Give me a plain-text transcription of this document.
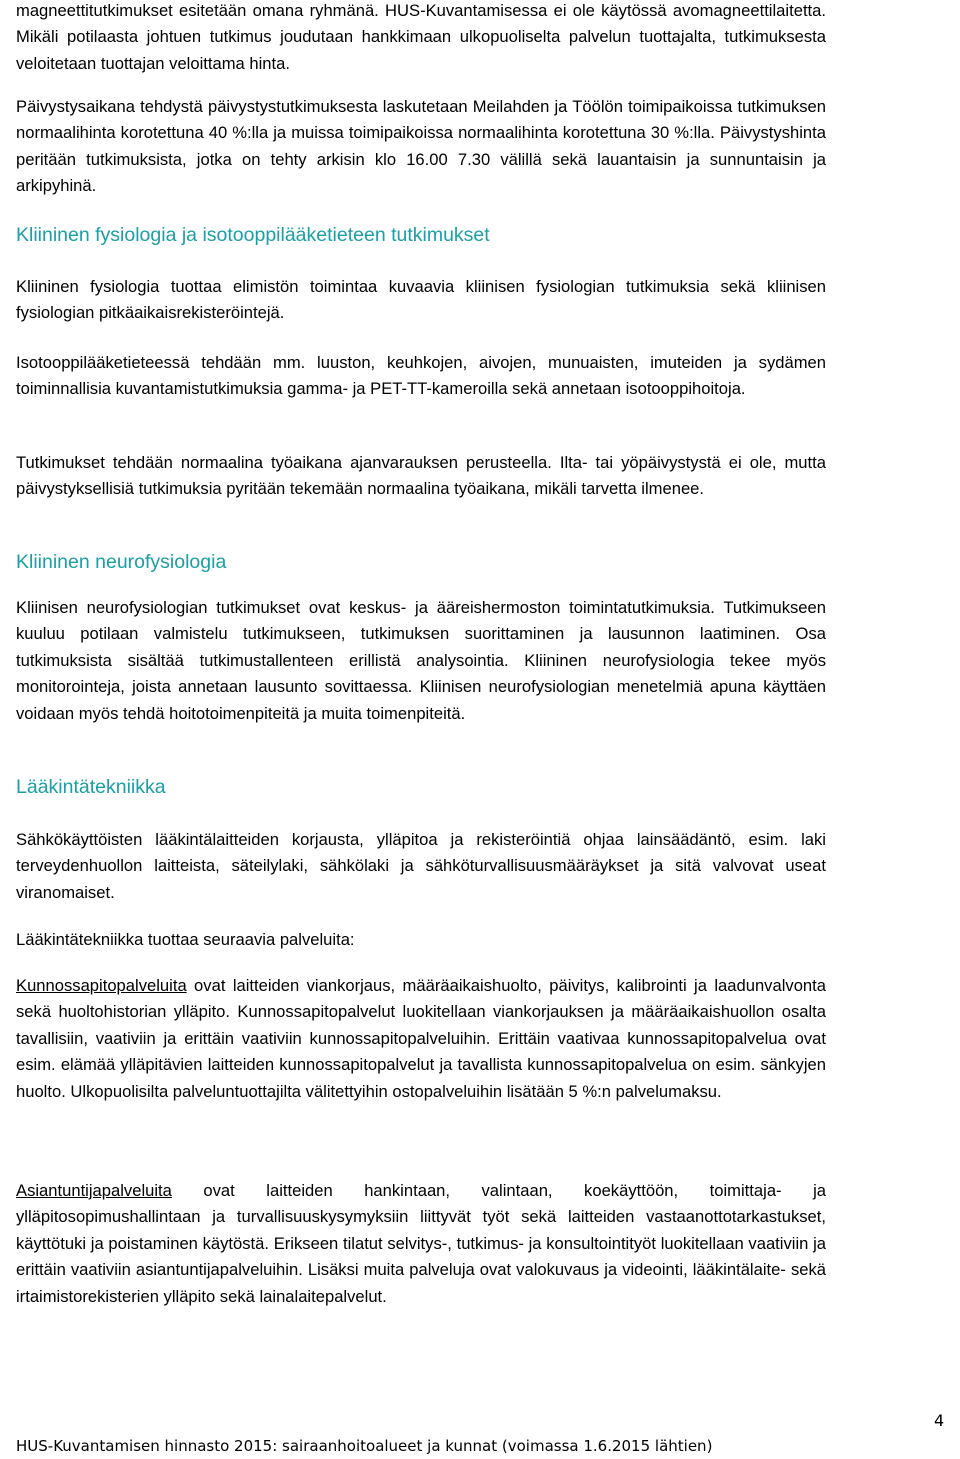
magneettitutkimukset esitetään omana ryhmänä. HUS-Kuvantamisessa ei ole käytössä avomagneettilaitetta. Mikäli potilaasta johtuen tutkimus joudutaan hankkimaan ulkopuoliselta palvelun tuottajalta, tutkimuksesta veloitetaan tuottajan veloittama hinta.

Päivystysaikana tehdystä päivystystutkimuksesta laskutetaan Meilahden ja Töölön toimipaikoissa tutkimuksen normaalihinta korotettuna 40 %:lla ja muissa toimipaikoissa normaalihinta korotettuna 30 %:lla. Päivystyshinta peritään tutkimuksista, jotka on tehty arkisin klo 16.00 7.30 välillä sekä lauantaisin ja sunnuntaisin ja arkipyhinä.

Kliininen fysiologia ja isotooppilääketieteen tutkimukset

Kliininen fysiologia tuottaa elimistön toimintaa kuvaavia kliinisen fysiologian tutkimuksia sekä kliinisen fysiologian pitkäaikaisrekisteröintejä.

Isotooppilääketieteessä tehdään mm. luuston, keuhkojen, aivojen, munuaisten, imuteiden ja sydämen toiminnallisia kuvantamistutkimuksia gamma- ja PET-TT-kameroilla sekä annetaan isotooppihoitoja.

Tutkimukset tehdään normaalina työaikana ajanvarauksen perusteella. Ilta- tai yöpäivystystä ei ole, mutta päivystyksellisiä tutkimuksia pyritään tekemään normaalina työaikana, mikäli tarvetta ilmenee.

Kliininen neurofysiologia

Kliinisen neurofysiologian tutkimukset ovat keskus- ja ääreishermoston toimintatutkimuksia. Tutkimukseen kuuluu potilaan valmistelu tutkimukseen, tutkimuksen suorittaminen ja lausunnon laatiminen. Osa tutkimuksista sisältää tutkimustallenteen erillistä analysointia. Kliininen neurofysiologia tekee myös monitorointeja, joista annetaan lausunto sovittaessa. Kliinisen neurofysiologian menetelmiä apuna käyttäen voidaan myös tehdä hoitotoimenpiteitä ja muita toimenpiteitä.

Lääkintätekniikka

Sähkökäyttöisten lääkintälaitteiden korjausta, ylläpitoa ja rekisteröintiä ohjaa lainsäädäntö, esim. laki terveydenhuollon laitteista, säteilylaki, sähkölaki ja sähköturvallisuusmääräykset ja sitä valvovat useat viranomaiset.

Lääkintätekniikka tuottaa seuraavia palveluita:

Kunnossapitopalveluita ovat laitteiden viankorjaus, määräaikaishuolto, päivitys, kalibrointi ja laadunvalvonta sekä huoltohistorian ylläpito. Kunnossapitopalvelut luokitellaan viankorjauksen ja määräaikaishuollon osalta tavallisiin, vaativiin ja erittäin vaativiin kunnossapitopalveluihin. Erittäin vaativaa kunnossapitopalvelua ovat esim. elämää ylläpitävien laitteiden kunnossapitopalvelut ja tavallista kunnossapitopalvelua on esim. sänkyjen huolto. Ulkopuolisilta palveluntuottajilta välitettyihin ostopalveluihin lisätään 5 %:n palvelumaksu.

Asiantuntijapalveluita ovat laitteiden hankintaan, valintaan, koekäyttöön, toimittaja- ja ylläpitosopimushallintaan ja turvallisuuskysymyksiin liittyvät työt sekä laitteiden vastaanottotarkastukset, käyttötuki ja poistaminen käytöstä. Erikseen tilatut selvitys-, tutkimus- ja konsultointityöt luokitellaan vaativiin ja erittäin vaativiin asiantuntijapalveluihin. Lisäksi muita palveluja ovat valokuvaus ja videointi, lääkintälaite- sekä irtaimistorekisterien ylläpito sekä lainalaitepalvelut.

4
HUS-Kuvantamisen hinnasto 2015: sairaanhoitoalueet ja kunnat (voimassa 1.6.2015 lähtien)
